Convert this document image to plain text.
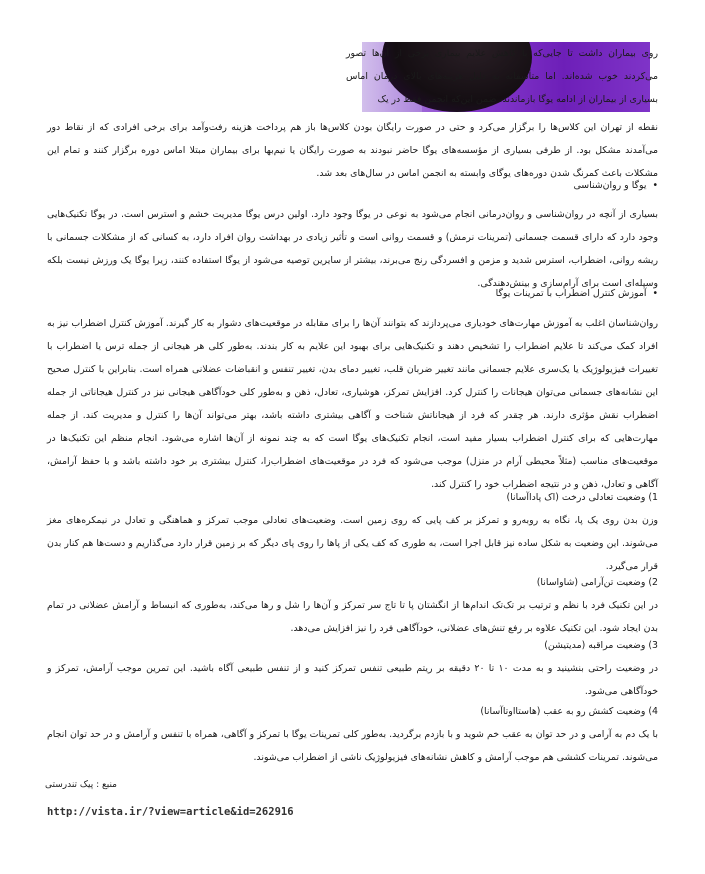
روی بیماران داشت تا جایی‌که با کاهش علایم بیماری برخی از آن‌ها تصور می‌کردند خوب شده‌اند. اما متأسفانه به دلیل هزینه‌های بالای درمان اماس بسیاری از بیماران از ادامه یوگا بازماندند، ضمن این‌که انجمن فقط در یک

نقطه از تهران این کلاس‌ها را برگزار می‌کرد و حتی در صورت رایگان بودن کلاس‌ها باز هم پرداخت هزینه رفت‌وآمد برای برخی افرادی که از نقاط دور می‌آمدند مشکل بود. از طرفی بسیاری از مؤسسه‌های یوگا حاضر نبودند به صورت رایگان یا نیم‌بها برای بیماران مبتلا اماس دوره برگزار کنند و تمام این مشکلات باعث کمرنگ شدن دوره‌های یوگای وابسته به انجمن اماس در سال‌های بعد شد.

•یوگا و روان‌شناسی

بسیاری از آنچه در روان‌شناسی و روان‌درمانی انجام می‌شود به نوعی در یوگا وجود دارد. اولین درس یوگا مدیریت خشم و استرس است. در یوگا تکنیک‌هایی وجود دارد که دارای قسمت جسمانی (تمرینات نرمش) و قسمت روانی است و تأثیر زیادی در بهداشت روان افراد دارد، به کسانی که از مشکلات جسمانی با ریشه روانی، اضطراب، استرس شدید و مزمن و افسردگی رنج می‌برند، بیشتر از سایرین توصیه می‌شود از یوگا استفاده کنند، زیرا یوگا یک ورزش نیست بلکه وسیله‌ای است برای آرام‌سازی و بینش‌دهندگی.

•آموزش کنترل اضطراب با تمرینات یوگا

روان‌شناسان اغلب به آموزش مهارت‌های خودیاری می‌پردازند که بتوانند آن‌ها را برای مقابله در موقعیت‌های دشوار به کار گیرند. آموزش کنترل اضطراب نیز به افراد کمک می‌کند تا علایم اضطراب را تشخیص دهند و تکنیک‌هایی برای بهبود این علایم به کار بندند. به‌طور کلی هر هیجانی از جمله ترس یا اضطراب با تغییرات فیزیولوژیک یا یک‌سری علایم جسمانی مانند تغییر ضربان قلب، تغییر دمای بدن، تغییر تنفس و انقباضات عضلانی همراه است. بنابراین با کنترل صحیح این نشانه‌های جسمانی می‌توان هیجانات را کنترل کرد. افزایش تمرکز، هوشیاری، تعادل، ذهن و به‌طور کلی خودآگاهی هیجانی نیز در کنترل هیجاناتی از جمله اضطراب نقش مؤثری دارند. هر چقدر که فرد از هیجاناتش شناخت و آگاهی بیشتری داشته باشد، بهتر می‌تواند آن‌ها را کنترل و مدیریت کند. از جمله مهارت‌هایی که برای کنترل اضطراب بسیار مفید است، انجام تکنیک‌های یوگا است که به چند نمونه از آن‌ها اشاره می‌شود. انجام منظم این تکنیک‌ها در موقعیت‌های مناسب (مثلاً محیطی آرام در منزل) موجب می‌شود که فرد در موقعیت‌های اضطراب‌زا، کنترل بیشتری بر خود داشته باشد و با حفظ آرامش، آگاهی و تعادل، ذهن و در نتیجه اضطراب خود را کنترل کند.

1) وضعیت تعادلی درخت (اک پاداآسانا)

وزن بدن روی یک پا، نگاه به روبه‌رو و تمرکز بر کف پایی که روی زمین است. وضعیت‌های تعادلی موجب تمرکز و هماهنگی و تعادل در نیمکره‌های مغز می‌شوند. این وضعیت به شکل ساده نیز قابل اجرا است، به طوری که کف یکی از پاها را روی پای دیگر که بر زمین قرار دارد می‌گذاریم و دست‌ها هم کنار بدن قرار می‌گیرد.

2) وضعیت تن‌آرامی (شاواسانا)

در این تکنیک فرد با نظم و ترتیب بر تک‌تک اندام‌ها از انگشتان پا تا تاج سر تمرکز و آن‌ها را شل و رها می‌کند، به‌طوری که انبساط و آرامش عضلانی در تمام بدن ایجاد شود. این تکنیک علاوه بر رفع تنش‌های عضلانی، خودآگاهی فرد را نیز افزایش می‌دهد.

3) وضعیت مراقبه (مدیتیشن)

در وضعیت راحتی بنشینید و به مدت ۱۰ تا ۲۰ دقیقه بر ریتم طبیعی تنفس تمرکز کنید و از تنفس طبیعی آگاه باشید. این تمرین موجب آرامش، تمرکز و خودآگاهی می‌شود.

4) وضعیت کشش رو به عقب (هاستااوتاآسانا)

با یک دم به آرامی و در حد توان به عقب خم شوید و با بازدم برگردید. به‌طور کلی تمرینات یوگا با تمرکز و آگاهی، همراه با تنفس و آرامش و در حد توان انجام می‌شوند. تمرینات کششی هم موجب آرامش و کاهش نشانه‌های فیزیولوژیک ناشی از اضطراب می‌شوند.

منبع : پیک تندرستی

http://vista.ir/?view=article&id=262916
